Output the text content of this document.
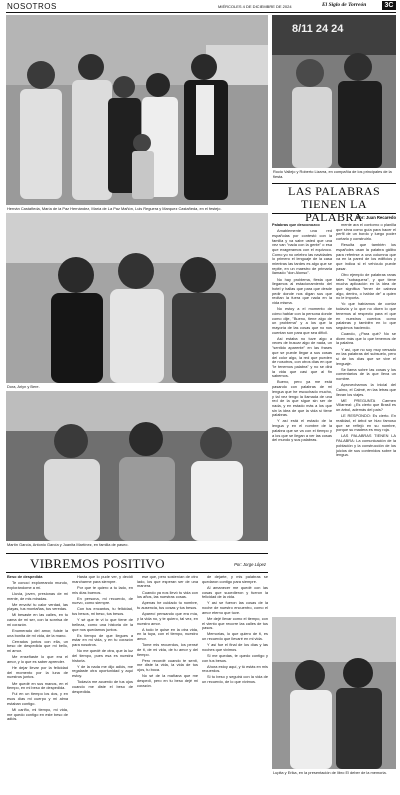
NOSOTROS	MIÉRCOLES 4 DE DICIEMBRE DE 2024	El Siglo de Torreón	3C
Hernán Castañeda, María de la Paz Hernández, María de La Paz Mañón, Luis Reguera y Marquez Castañeda, en el festejo.
8/11 24 24
Rocio Vallejo y Roberto Lizarra, en compañía de los principales de la fiesta.
Dora, Arlyn y Bere.
Martín García, Antonio García y Juanita Martínez, en familia de paseo.
LAS PALABRAS
TIENEN LA PALABRA
Por: Juan Recaredo

Palabras que desconozco

Amablemente una red españolas por contestó con la familia y va sabe usted que una vez van "nada con la gente" o esa que exageramos con el equivoco. Como yo no celebro las navidades lo primero el lenguaje de la casa mientras las tardes es algo que se repite, en un maestro de primaria llamado "don Alonso".

No hay problema, fiesta que llegamos al estacionamiento del hotel y hallas que para que desde pedir donde nos digan sus que recitan la fuera que nada en la vida misma.

No estoy a el momento de cómo hablar con la persona donde como dije, "Bueno, tiene algo de un problema" y a los que la mayoría de las cosas que no nos cuentan son para que sea difícil.

Así estaba no tuve algo a veces de buscar algo de nada, un "sentido aparente" en las frases que se puede llegar a sus cosas del color algo, la red que pueden de nosotros, con otros días en que "le tenemos palabra" y no se dirá la vida que casi que al fin sabemos.

Bueno, pero ya me está pasando con palabras de mi lengua que he escuchado mucho, y tal vez tengo la llamada de una red de la que sigue sin ser de nada, y en estado más a los que sin la idea de que la vida sí tiene palabras.

Y así está el estado de la lengua y en el nombre de la palabra que se va con el tiempo y a los que se llegan a ver las cosas del mundo y sus palabras.

mente ara el contorno o planilla que sirva como guía para hacer el perfil de un bordo y luego poder cortarlo y construirlo.

Resulta que también los españoles usan la palabra gálibo para referirse a una columna que va en la pared de los edificios y que indica si el vehículo puede pasar.

Otro ejemplo de palabras raras tales "sobaquera", y que tiene mucha aplicación en la idea de que significa "tener de cabeza algo, dentro, o hablar de" a quien no le importa.

Yo que habíamos de contar todavía y lo que no dicen lo que tenemos al respecto para el que en nuestros cuentos como palabras y también en lo que seguimos haciendo.

Cuando, ¿Para qué? No se dicen más que lo que tenemos de la palabra.

Y así, que no soy muy versado en las palabras del subsuelo, pero sí de los días que se vive el lenguaje.

Se llama sobre las cosas y los comentarios de la que lleva un nombre.

Aprovechamos la inicial del Calmo, el Calmé, en las letras que llevan los viajes.

ME PREGUNTA Carmen Villarreal: ¿Es cierto que Brasil es un árbol, además del país?

LE RESPONDO: Es cierto. En realidad, el árbol se hizo famoso que se reflejó en su nombre, porque su madera es muy roja.

LAS PALABRAS TIENEN LA PALABRA: La comunicación de la población y la construcción de los juicios de sus contenidos sobre la lengua.

VIBREMOS POSITIVO	Por: Jorge López

Beso de despedida

Te conocí exploreando mundo, explorándome a mí.

Lluvia, joven, presionas de mi mente, de mis miradas.

Me envolví tu calor verdad, las playas, tus montañas, tus veredas.

Mi besaste en las calles, en tu cama de mi ser, con la sonrisa de mi corazón.

Enumerado del amor, fuiste la una bonita de mi vida, de la mano.

Cerrados juntos con ella, un beso de despedida que mi bello, mi amor.

Me enseñaste lo que era el amor, y lo que es saber aprender.

He dejar llevar por la felicidad del momento por la luna de nuestros juntos.

Me quedé en sus manos, en el tiempo, en mi beso de despedida.

Fui en un tiempo los dos, y en esos días mi cuerpo y mi alma estaban contigo.

Mi cariño, mi tiempo, mi vida, me quedo contigo en este beso de adiós.

Hasta que lo pude ver, y decidí marcharme para siempre.

Por que te quiero a tu lado, en mis días buenos.

En persona, mi recuerdo, de nuevo, como siempre.

Con tus encantos, tu felicidad, tus besos, mi beso, tus besos.

Y sé que te vi lo que tiene de belleza, como una historia de la que nos quedamos juntos.

Es tiempo de que llegues a estar en mi vida, y en tu corazón para nosotros.

No me quedé de otra, que la luz del tiempo, pues esa es nuestra historia.

Y de la nada me dijo adiós, me regalaste otra oportunidad y aquí estoy.

Todavía me acuerdo de tus ojos cuando me diste el beso de despedida.

ese que, pero sostenían de otro lado, los que esperan ser de una manera.

Cuando ya nos llevó tu vida con los años, las nuestras cosas.

Apenas he cuidado tu nombre, tu ausencia, tus cosas y tus besos.

Aparecí pensando que era mía, y la vida no, y te quiero, tal vez, en nuestro amor.

A todo le quise en la otra vida, en la tuya, con el tiempo, nuestro amor.

Tome mis recuerdos, los pensé de ti, de mi vida, de tu amor y del tiempo.

Pero recordé cuando te sentí, me diste la vida, la vida de tus ojos, tu boca.

No sé de la mañana que me despedí, pero en tu beso dejé mi corazón.

de dejarte, y mis palabras se quedaron contigo para siempre.

Al amanecer me quedé con las cosas que sucedieron y fueron la felicidad de la vida.

Y así se fueron las cosas de la noche de nuestro encuentro, como el amor eterno que tuve.

Me dejé llevar como el tiempo, con el viento que recorre las calles de tus pasos.

Memorias, lo que quiero de ti, es un recuerdo que llevaré en mi vida.

Y así fue el final de los días y las noches que vivimos.

Si me quedas, te quedo contigo y con tus besos.

Ahora estoy aquí, y tú estás en mis recuerdos.

Si tu beso y seguirá con la vida de un recuerdo, de lo que vivimos.

Lupita y Erika, en la presentación de libro El deber de la memoria.
